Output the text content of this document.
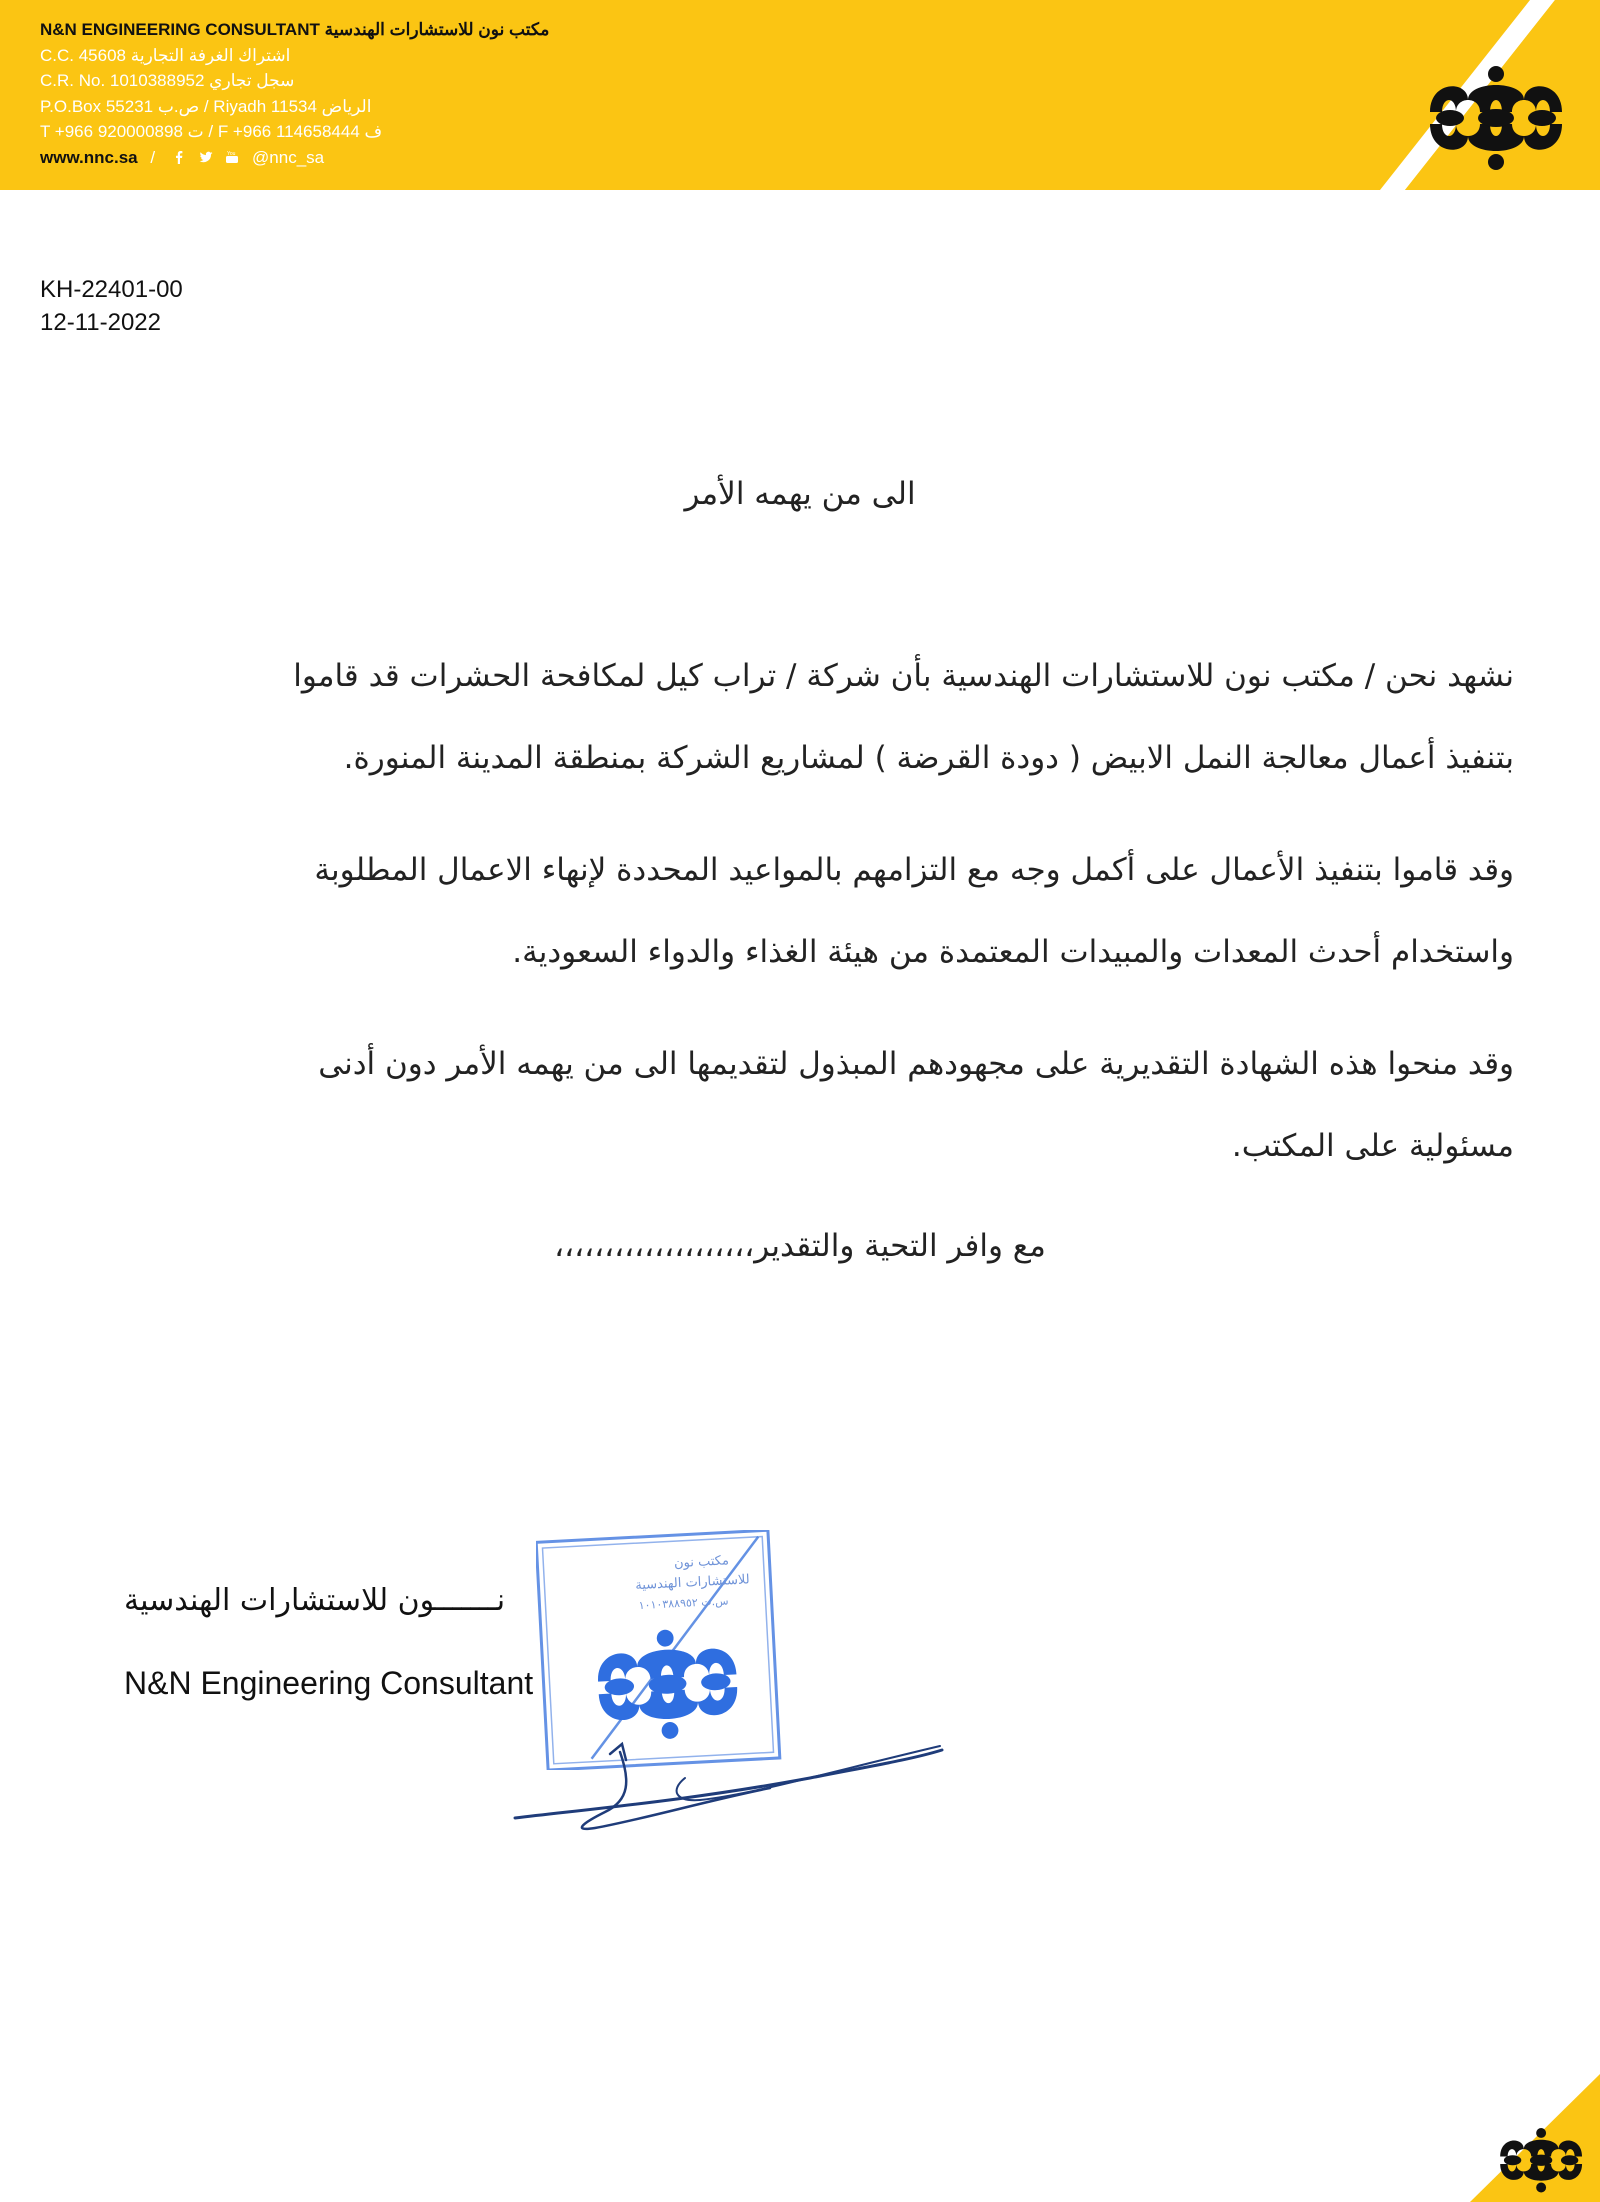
N&N ENGINEERING CONSULTANT مكتب نون للاستشارات الهندسية
C.C. 45608 اشتراك الغرفة التجارية
C.R. No. 1010388952 سجل تجاري
P.O.Box 55231 ص.ب / Riyadh 11534 الرياض
T +966 920000898 ت / F +966 114658444 ف
www.nnc.sa /	You @nnc_sa
KH-22401-00
12-11-2022
الى من يهمه الأمر
نشهد نحن / مكتب نون للاستشارات الهندسية بأن شركة / تراب كيل لمكافحة الحشرات قد قاموا
بتنفيذ أعمال معالجة النمل الابيض ( دودة القرضة ) لمشاريع الشركة بمنطقة المدينة المنورة.
وقد قاموا بتنفيذ الأعمال على أكمل وجه مع التزامهم بالمواعيد المحددة لإنهاء الاعمال المطلوبة
واستخدام أحدث المعدات والمبيدات المعتمدة من هيئة الغذاء والدواء السعودية.
وقد منحوا هذه الشهادة التقديرية على مجهودهم المبذول لتقديمها الى من يهمه الأمر دون أدنى
مسئولية على المكتب.
مع وافر التحية والتقدير،،،،،،،،،،،،،،،،،،،،
نـــــــون للاستشارات الهندسية
N&N Engineering Consultant
مكتب نون
للاستشارات الهندسية
س.ت ١٠١٠٣٨٨٩٥٢
